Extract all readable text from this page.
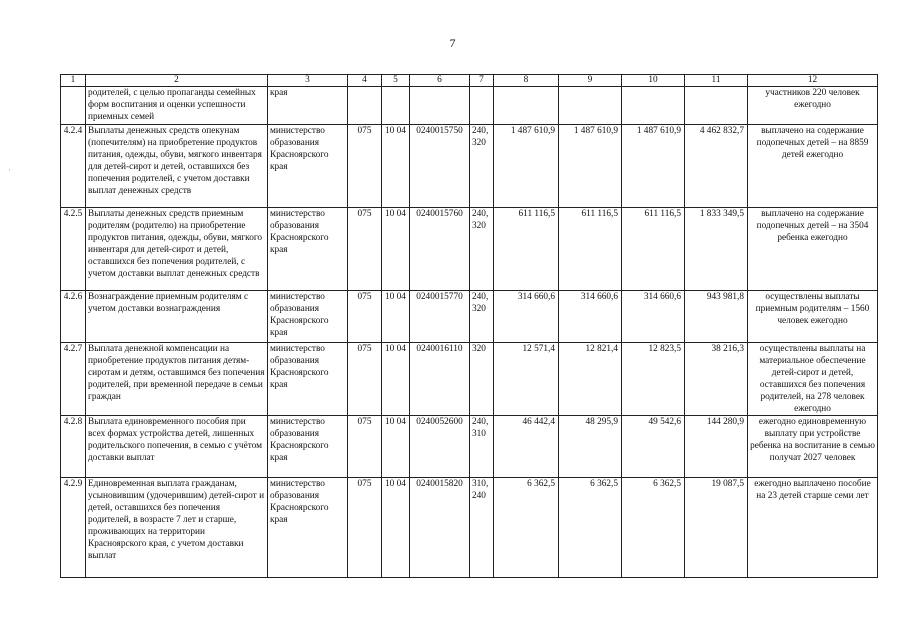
7
·
1	2	3	4	5	6	7	8	9	10	11	12
	родителей, с целью пропаганды семейных форм воспитания и оценки успешности приемных семей	края									участников 220 человек ежегодно
4.2.4	Выплаты денежных средств опекунам (попечителям) на приобретение продуктов питания, одежды, обуви, мягкого инвентаря для детей-сирот и детей, оставшихся без попечения родителей, с учетом доставки выплат денежных средств	министерство образования Красноярского края	075	10 04	0240015750	240, 320	1 487 610,9	1 487 610,9	1 487 610,9	4 462 832,7	выплачено на содержание подопечных детей – на 8859 детей ежегодно
4.2.5	Выплаты денежных средств приемным родителям (родителю) на приобретение продуктов питания, одежды, обуви, мягкого инвентаря для детей-сирот и детей, оставшихся без попечения родителей, с учетом доставки выплат денежных средств	министерство образования Красноярского края	075	10 04	0240015760	240, 320	611 116,5	611 116,5	611 116,5	1 833 349,5	выплачено на содержание подопечных детей – на 3504 ребенка ежегодно
4.2.6	Вознаграждение приемным родителям с учетом доставки вознаграждения	министерство образования Красноярского края	075	10 04	0240015770	240, 320	314 660,6	314 660,6	314 660,6	943 981,8	осуществлены выплаты приемным родителям – 1560 человек ежегодно
4.2.7	Выплата денежной компенсации на приобретение продуктов питания детям-сиротам и детям, оставшимся без попечения родителей, при временной передаче в семьи граждан	министерство образования Красноярского края	075	10 04	0240016110	320	12 571,4	12 821,4	12 823,5	38 216,3	осуществлены выплаты на материальное обеспечение детей-сирот и детей, оставшихся без попечения родителей, на 278 человек ежегодно
4.2.8	Выплата единовременного пособия при всех формах устройства детей, лишенных родительского попечения, в семью с учётом доставки выплат	министерство образования Красноярского края	075	10 04	0240052600	240, 310	46 442,4	48 295,9	49 542,6	144 280,9	ежегодно единовременную выплату при устройстве ребенка на воспитание в семью получат 2027 человек
4.2.9	Единовременная выплата гражданам, усыновившим (удочерившим) детей-сирот и детей, оставшихся без попечения родителей, в возрасте 7 лет и старше, проживающих на территории Красноярского края, с учетом доставки выплат	министерство образования Красноярского края	075	10 04	0240015820	310, 240	6 362,5	6 362,5	6 362,5	19 087,5	ежегодно выплачено пособие на 23 детей старше семи лет
